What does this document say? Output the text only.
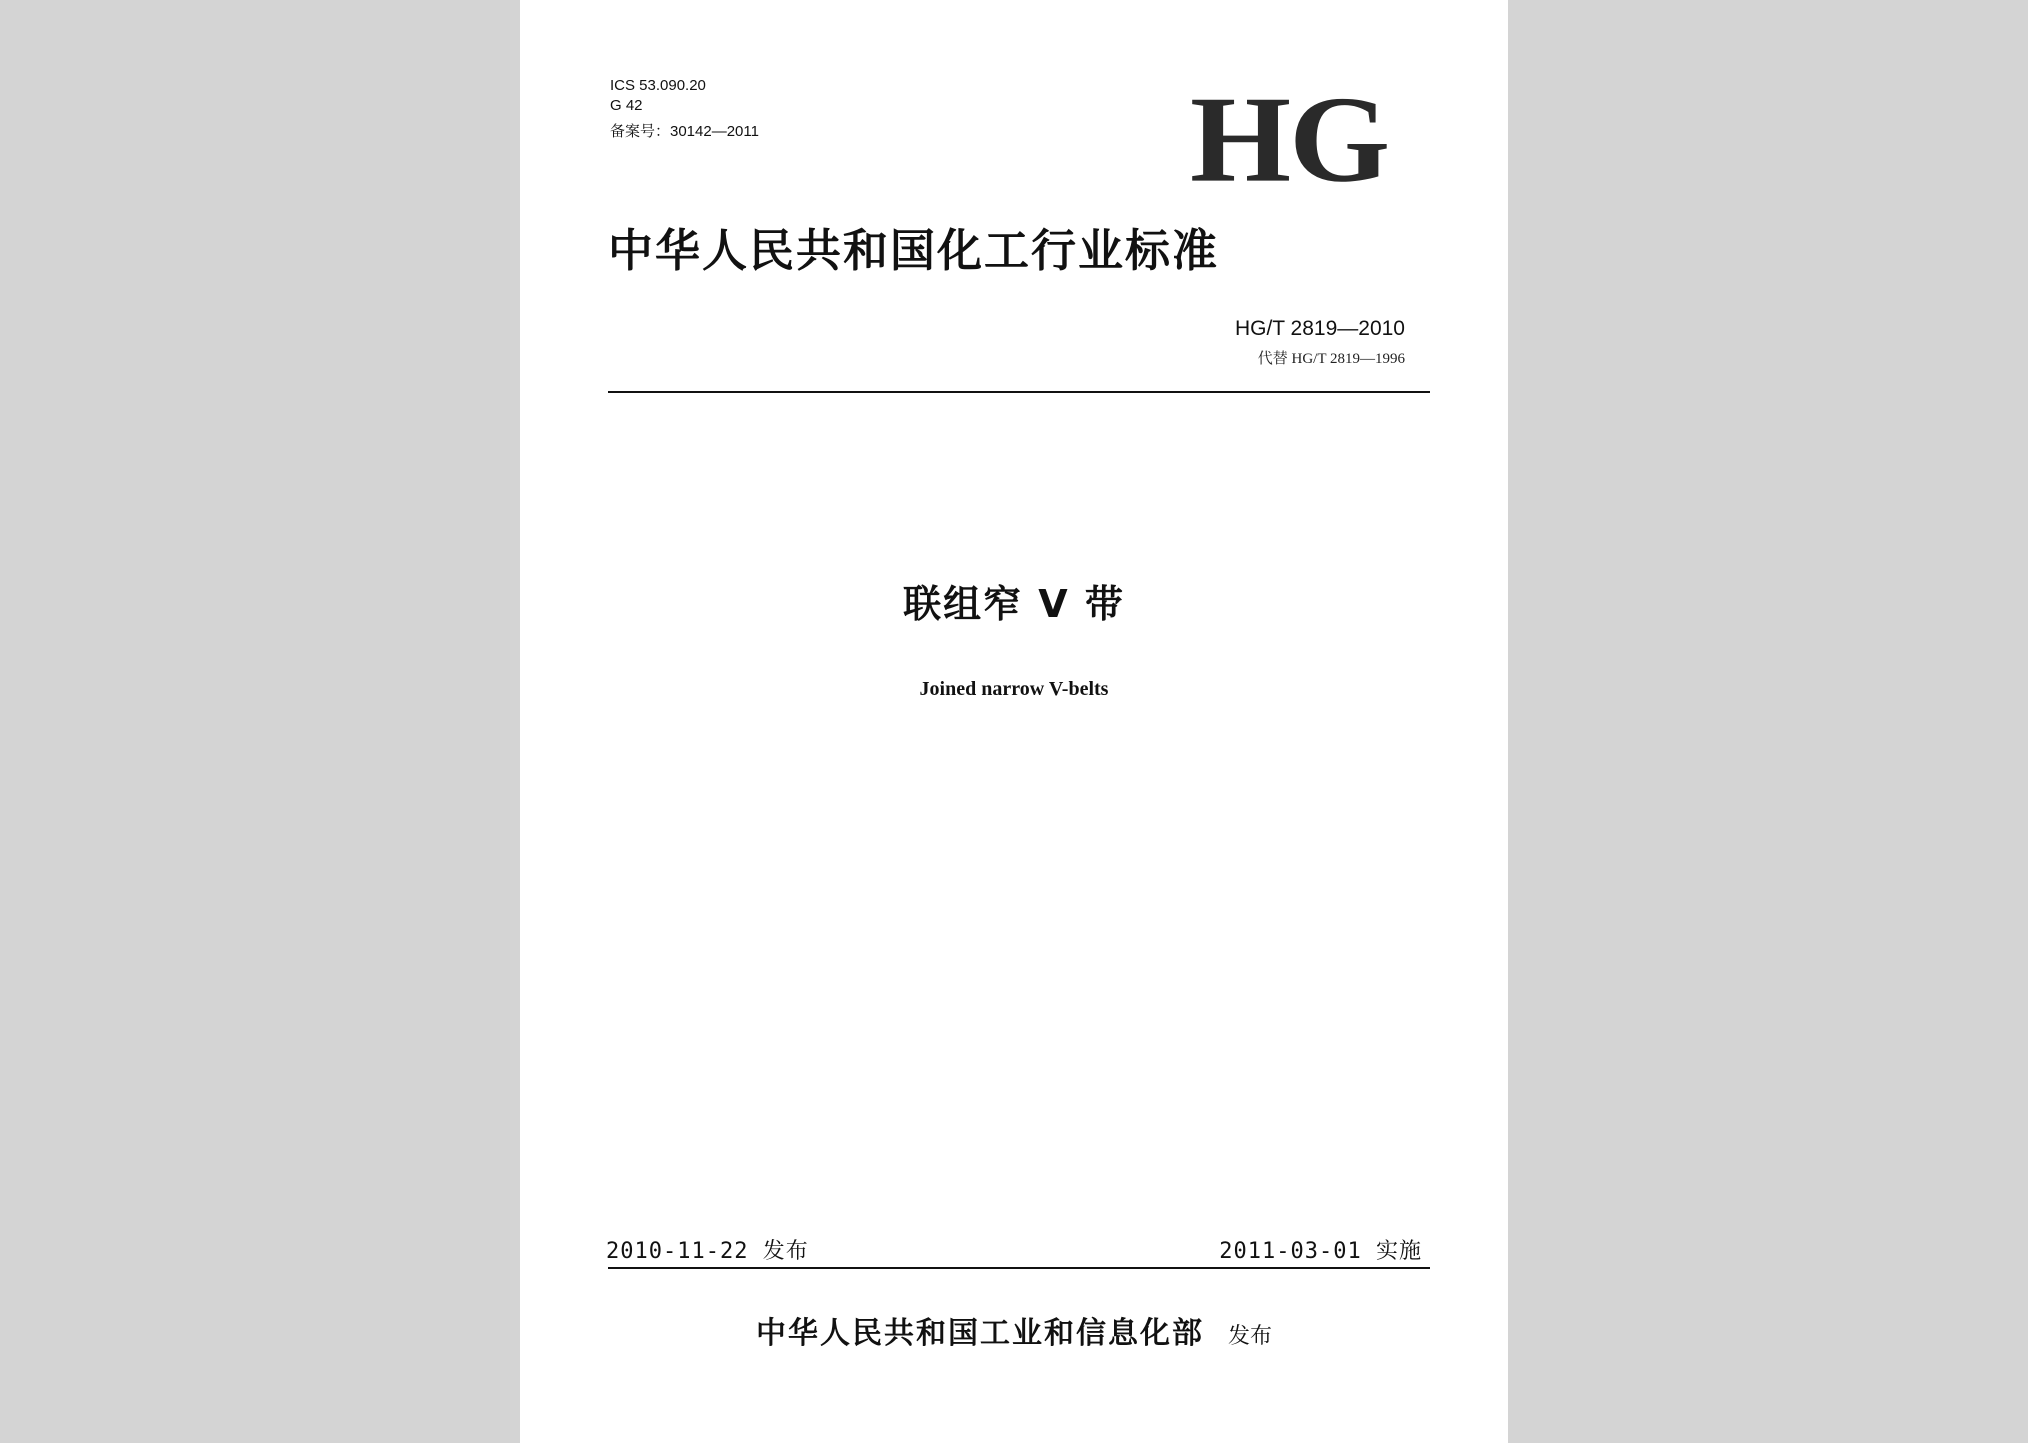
ICS 53.090.20
G 42
备案号：30142—2011	HG
中华人民共和国化工行业标准
HG/T 2819—2010
代替 HG/T 2819—1996
联组窄 V 带
Joined narrow V-belts
2010-11-22 发布	2011-03-01 实施
中华人民共和国工业和信息化部 发布
